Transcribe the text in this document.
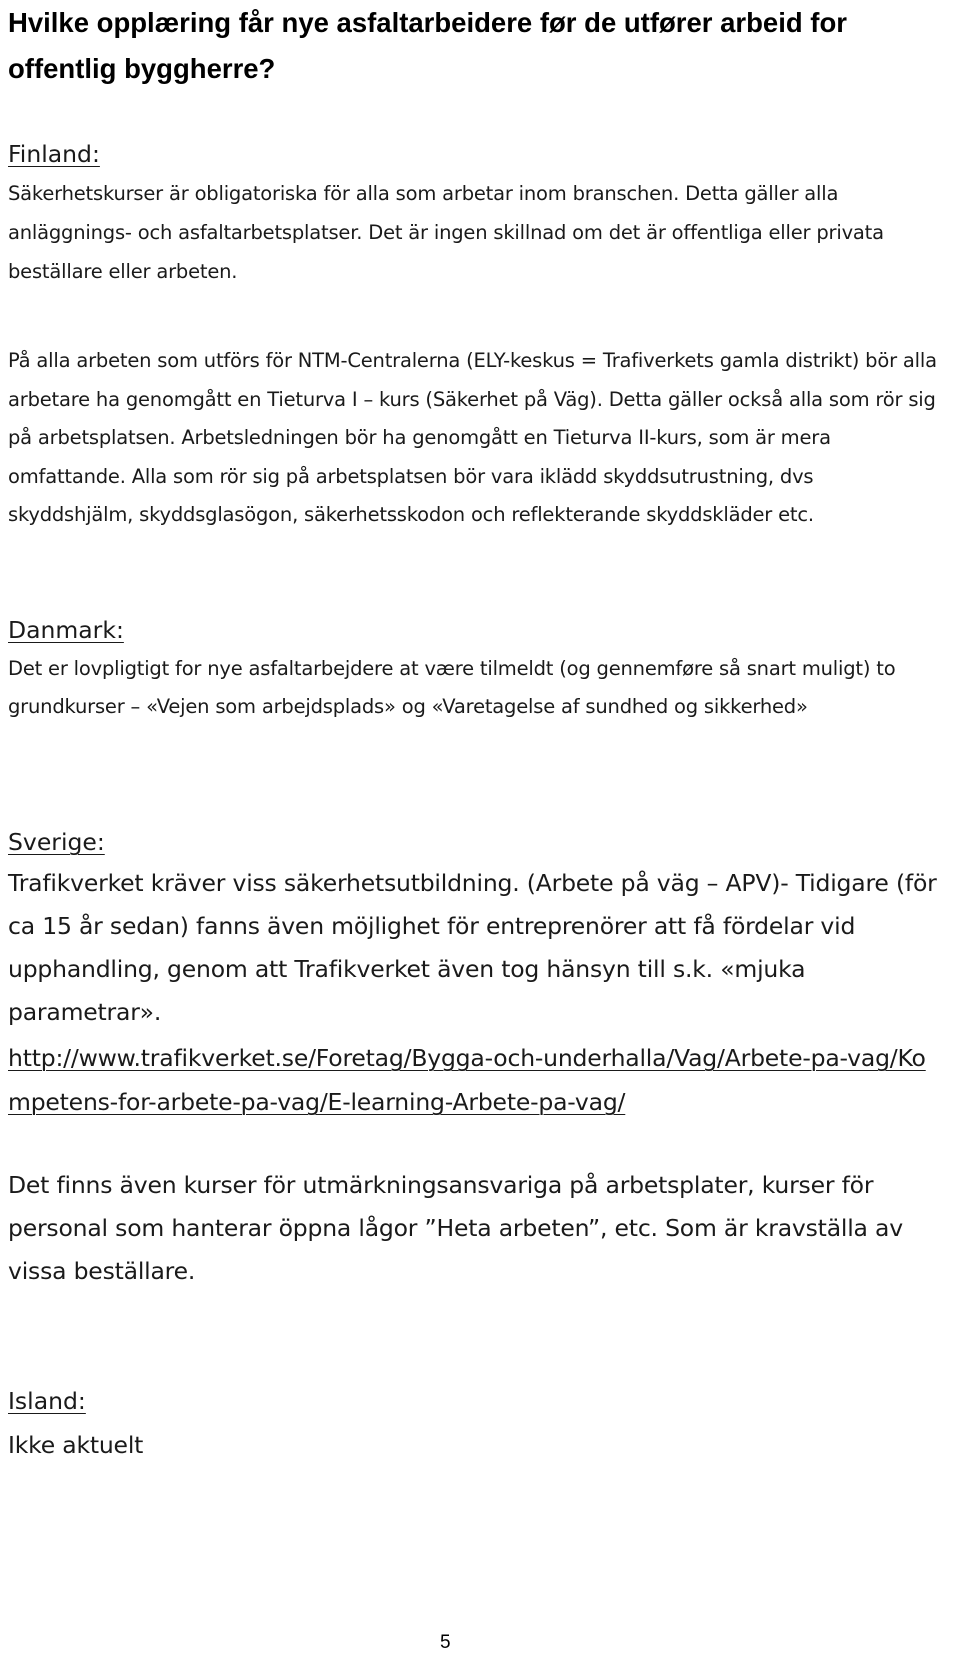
Hvilke opplæring får nye asfaltarbeidere før de utfører arbeid for offentlig byggherre?
Finland:

Säkerhetskurser är obligatoriska för alla som arbetar inom branschen. Detta gäller alla anläggnings- och asfaltarbetsplatser. Det är ingen skillnad om det är offentliga eller privata beställare eller arbeten.

På alla arbeten som utförs för NTM-Centralerna (ELY-keskus = Trafiverkets gamla distrikt) bör alla arbetare ha genomgått en Tieturva I – kurs (Säkerhet på Väg). Detta gäller också alla som rör sig på arbetsplatsen. Arbetsledningen bör ha genomgått en Tieturva II-kurs, som är mera omfattande. Alla som rör sig på arbetsplatsen bör vara iklädd skyddsutrustning, dvs skyddshjälm, skyddsglasögon, säkerhetsskodon och reflekterande skyddskläder etc.

Danmark:

Det er lovpligtigt for nye asfaltarbejdere at være tilmeldt (og gennemføre så snart muligt) to grundkurser – «Vejen som arbejdsplads» og «Varetagelse af sundhed og sikkerhed»

Sverige:

Trafikverket kräver viss säkerhetsutbildning. (Arbete på väg – APV)- Tidigare (för ca 15 år sedan) fanns även möjlighet för entreprenörer att få fördelar vid upphandling, genom att Trafikverket även tog hänsyn till s.k. «mjuka parametrar».

http://www.trafikverket.se/Foretag/Bygga-och-underhalla/Vag/Arbete-pa-vag/Kompetens-for-arbete-pa-vag/E-learning-Arbete-pa-vag/

Det finns även kurser för utmärkningsansvariga på arbetsplater, kurser för personal som hanterar öppna lågor ”Heta arbeten”, etc. Som är kravställa av vissa beställare.

Island:

Ikke aktuelt

5
